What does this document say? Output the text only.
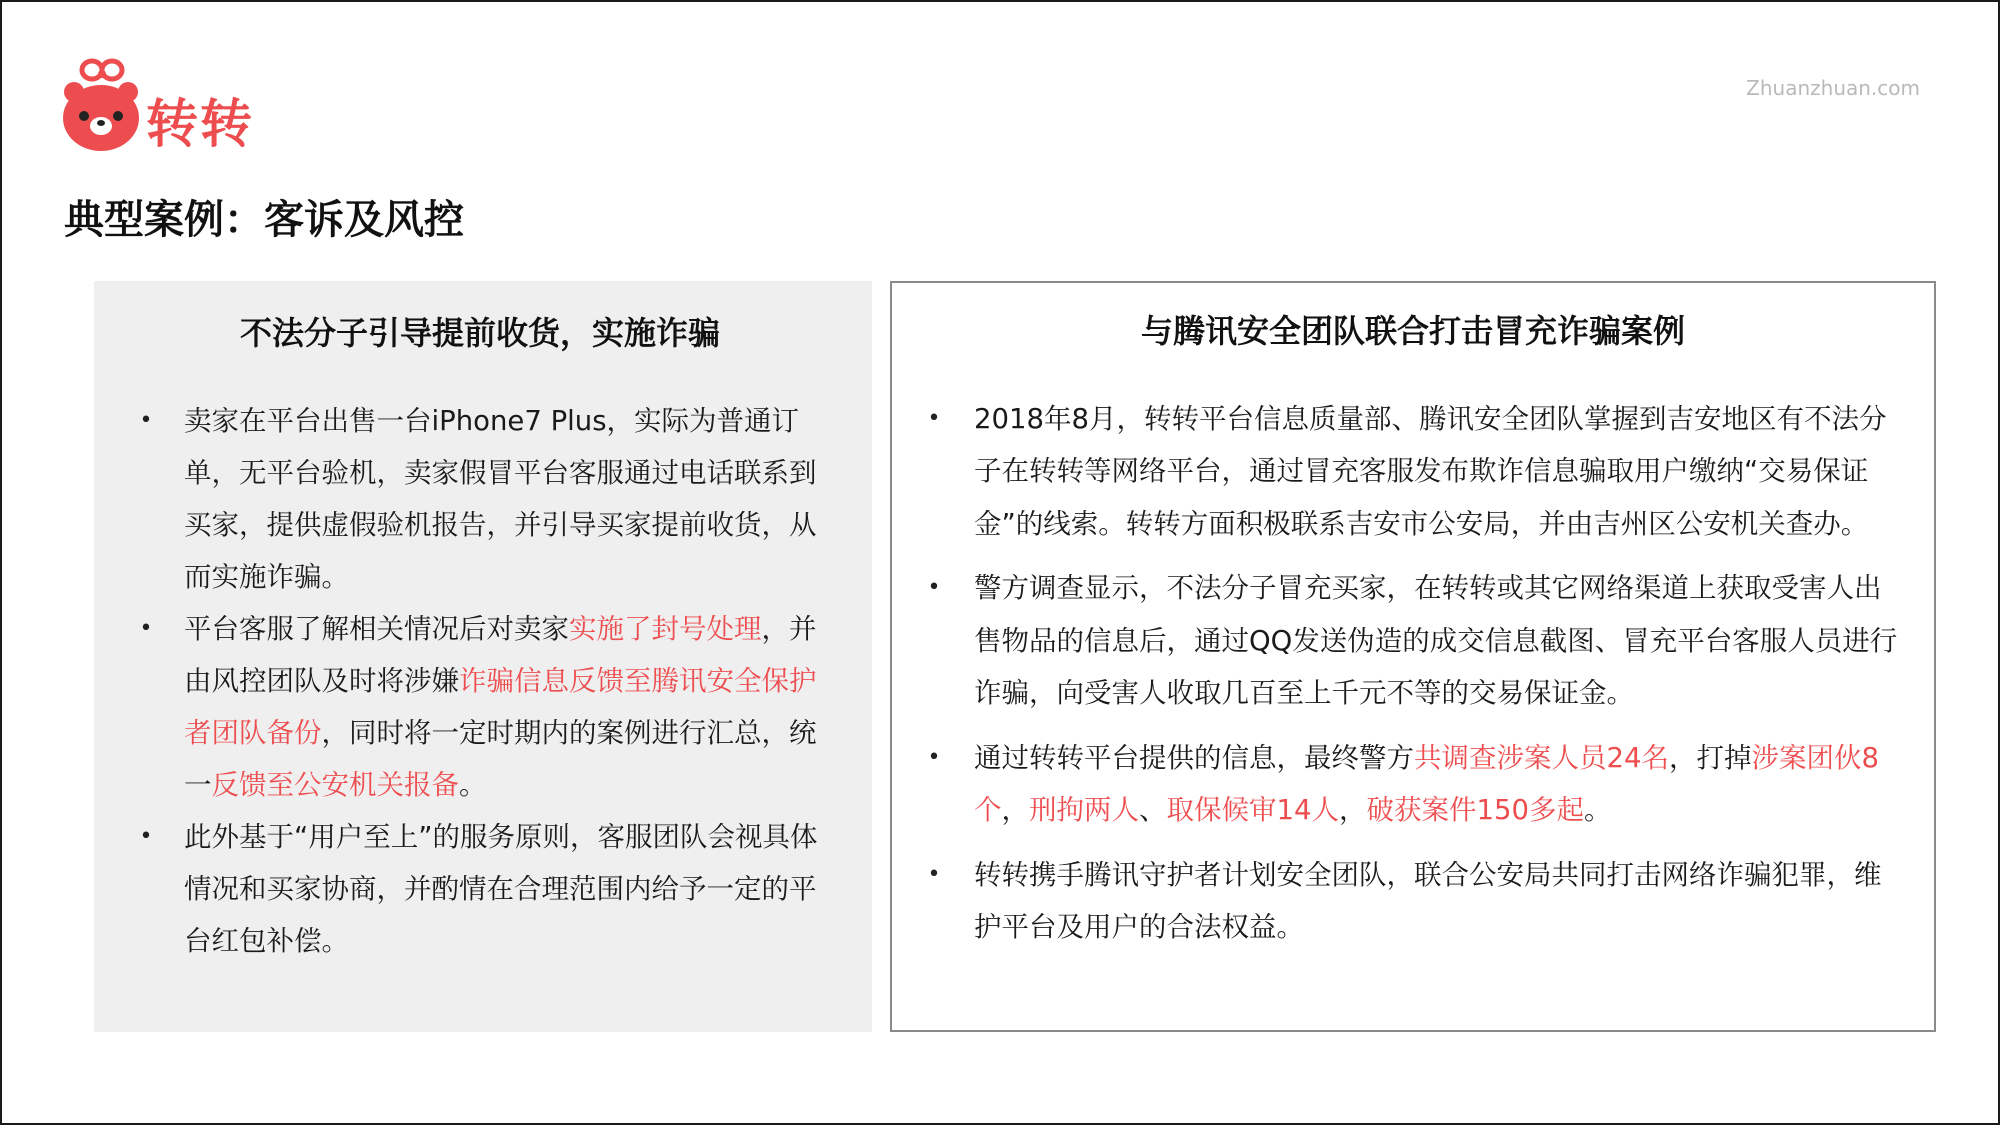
转转
Zhuanzhuan.com
典型案例：客诉及风控
不法分子引导提前收货，实施诈骗
• 卖家在平台出售一台iPhone7 Plus，实际为普通订单，无平台验机，卖家假冒平台客服通过电话联系到买家，提供虚假验机报告，并引导买家提前收货，从而实施诈骗。
• 平台客服了解相关情况后对卖家实施了封号处理，并由风控团队及时将涉嫌诈骗信息反馈至腾讯安全保护者团队备份，同时将一定时期内的案例进行汇总，统一反馈至公安机关报备。
• 此外基于“用户至上”的服务原则，客服团队会视具体情况和买家协商，并酌情在合理范围内给予一定的平台红包补偿。
与腾讯安全团队联合打击冒充诈骗案例
• 2018年8月，转转平台信息质量部、腾讯安全团队掌握到吉安地区有不法分子在转转等网络平台，通过冒充客服发布欺诈信息骗取用户缴纳“交易保证金”的线索。转转方面积极联系吉安市公安局，并由吉州区公安机关查办。
• 警方调查显示，不法分子冒充买家，在转转或其它网络渠道上获取受害人出售物品的信息后，通过QQ发送伪造的成交信息截图、冒充平台客服人员进行诈骗，向受害人收取几百至上千元不等的交易保证金。
• 通过转转平台提供的信息，最终警方共调查涉案人员24名，打掉涉案团伙8个，刑拘两人、取保候审14人，破获案件150多起。
• 转转携手腾讯守护者计划安全团队，联合公安局共同打击网络诈骗犯罪，维护平台及用户的合法权益。
